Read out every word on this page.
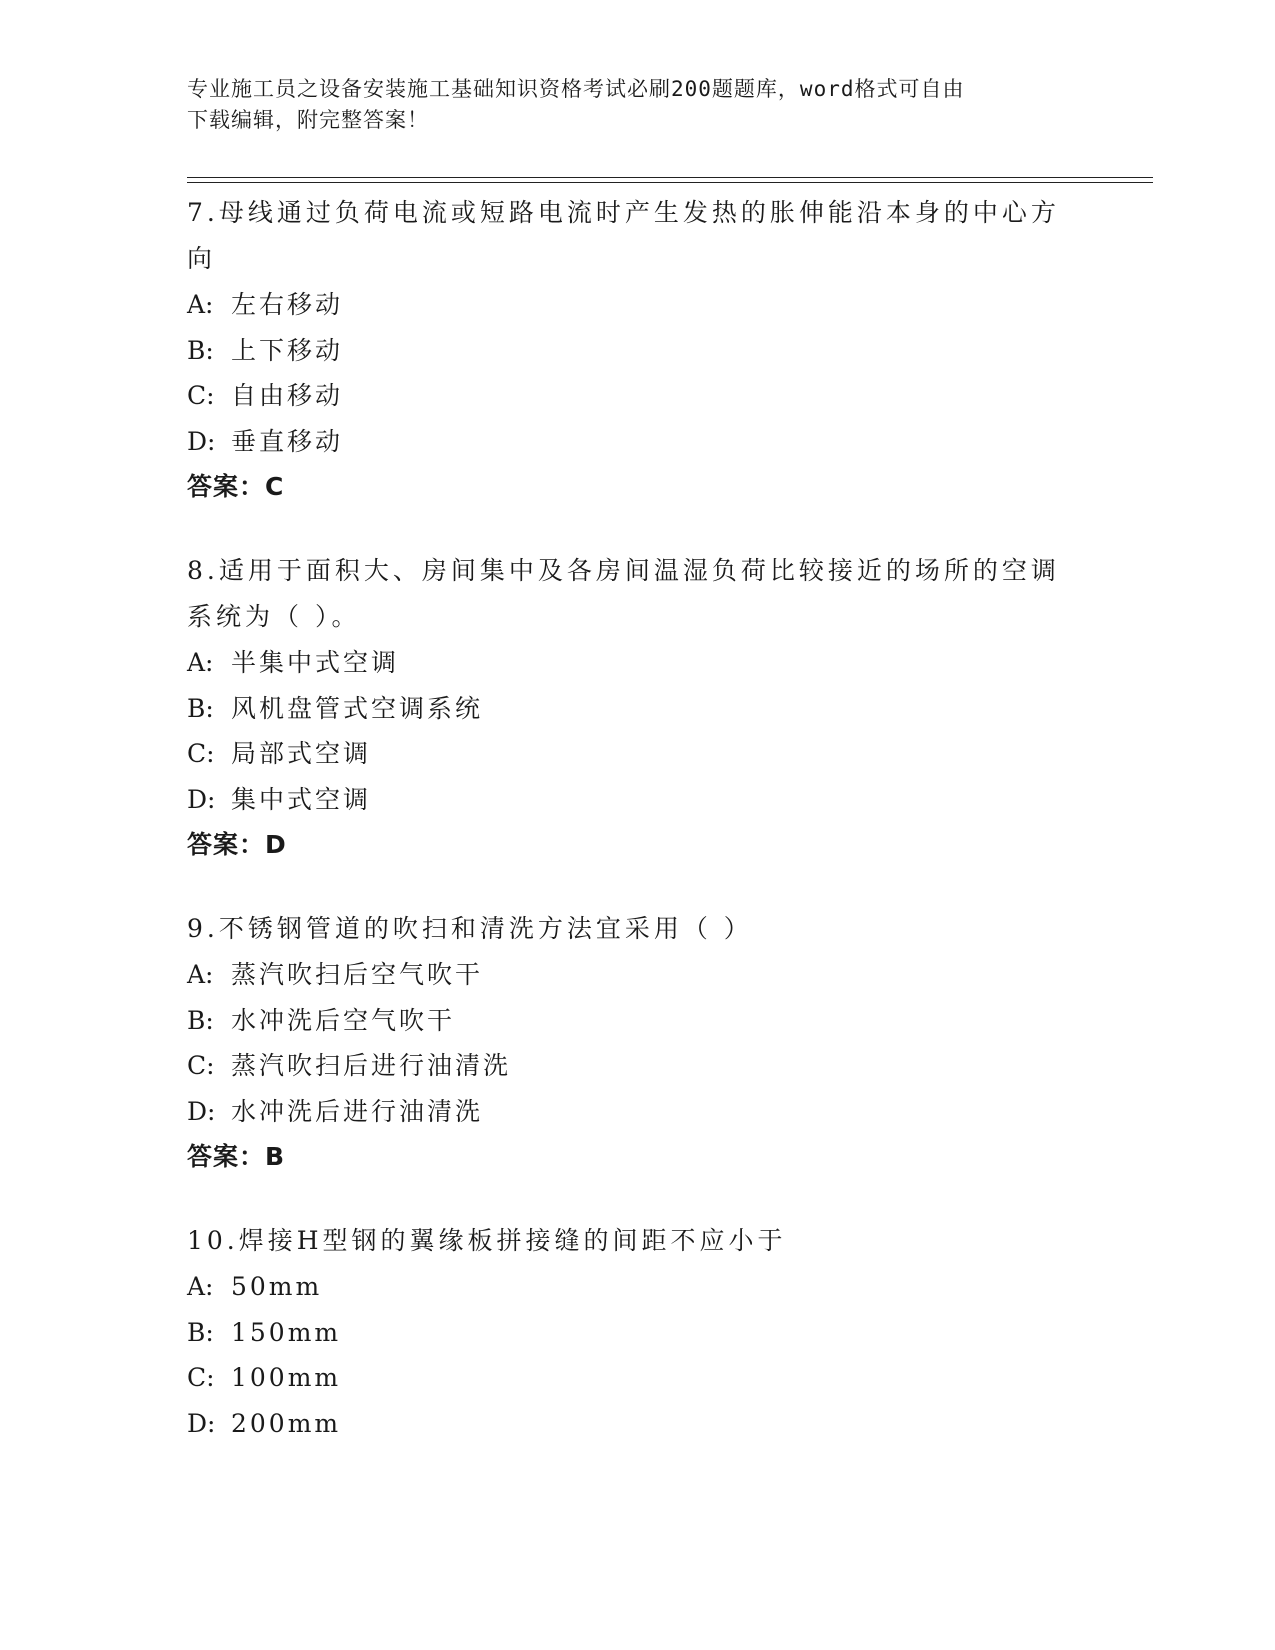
专业施工员之设备安装施工基础知识资格考试必刷200题题库，word格式可自由
下载编辑，附完整答案！
7.母线通过负荷电流或短路电流时产生发热的胀伸能沿本身的中心方向
A: 左右移动
B: 上下移动
C: 自由移动
D: 垂直移动
答案：C
8.适用于面积大、房间集中及各房间温湿负荷比较接近的场所的空调系统为（ ）。
A: 半集中式空调
B: 风机盘管式空调系统
C: 局部式空调
D: 集中式空调
答案：D
9.不锈钢管道的吹扫和清洗方法宜采用（ ）
A: 蒸汽吹扫后空气吹干
B: 水冲洗后空气吹干
C: 蒸汽吹扫后进行油清洗
D: 水冲洗后进行油清洗
答案：B
10.焊接H型钢的翼缘板拼接缝的间距不应小于
A: 50mm
B: 150mm
C: 100mm
D: 200mm
